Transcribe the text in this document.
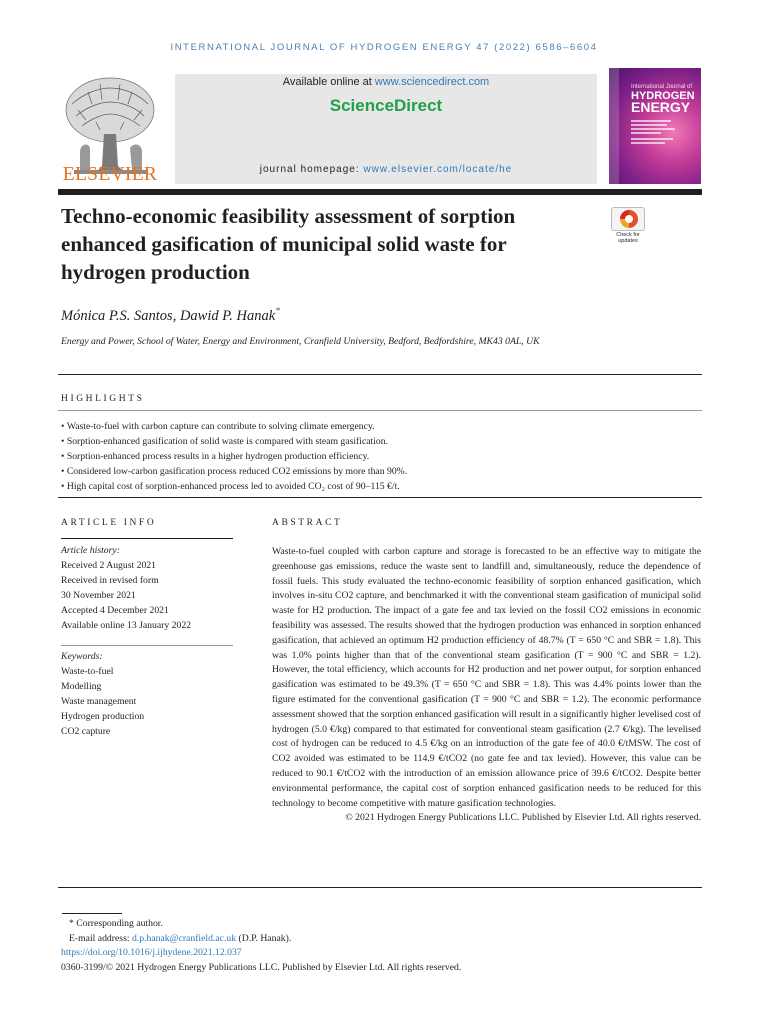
INTERNATIONAL JOURNAL OF HYDROGEN ENERGY 47 (2022) 6586–6604
ELSEVIER
Available online at www.sciencedirect.com
ScienceDirect
journal homepage: www.elsevier.com/locate/he
International Journal of
HYDROGEN
ENERGY
Techno-economic feasibility assessment of sorption enhanced gasification of municipal solid waste for hydrogen production
Check for
updates
Mónica P.S. Santos, Dawid P. Hanak*
Energy and Power, School of Water, Energy and Environment, Cranfield University, Bedford, Bedfordshire, MK43 0AL, UK
HIGHLIGHTS
• Waste-to-fuel with carbon capture can contribute to solving climate emergency.
• Sorption-enhanced gasification of solid waste is compared with steam gasification.
• Sorption-enhanced process results in a higher hydrogen production efficiency.
• Considered low-carbon gasification process reduced CO2 emissions by more than 90%.
• High capital cost of sorption-enhanced process led to avoided CO₂ cost of 90–115 €/t.
ARTICLE INFO
Article history:
Received 2 August 2021
Received in revised form
30 November 2021
Accepted 4 December 2021
Available online 13 January 2022
Keywords:
Waste-to-fuel
Modelling
Waste management
Hydrogen production
CO2 capture
ABSTRACT
Waste-to-fuel coupled with carbon capture and storage is forecasted to be an effective way to mitigate the greenhouse gas emissions, reduce the waste sent to landfill and, simultaneously, reduce the dependence of fossil fuels. This study evaluated the techno-economic feasibility of sorption enhanced gasification, which involves in-situ CO2 capture, and benchmarked it with the conventional steam gasification of municipal solid waste for H2 production. The impact of a gate fee and tax levied on the fossil CO2 emissions in economic feasibility was assessed. The results showed that the hydrogen production was enhanced in sorption enhanced gasification, that achieved an optimum H2 production efficiency of 48.7% (T = 650 °C and SBR = 1.8). This was 1.0% points higher than that of the conventional steam gasification (T = 900 °C and SBR = 1.2). However, the total efficiency, which accounts for H2 production and net power output, for sorption enhanced gasification was estimated to be 49.3% (T = 650 °C and SBR = 1.8). This was 4.4% points lower than the figure estimated for the conventional gasification (T = 900 °C and SBR = 1.2). The economic performance assessment showed that the sorption enhanced gasification will result in a significantly higher levelised cost of hydrogen (5.0 €/kg) compared to that estimated for conventional steam gasification (2.7 €/kg). The levelised cost of hydrogen can be reduced to 4.5 €/kg on an introduction of the gate fee of 40.0 €/tMSW. The cost of CO2 avoided was estimated to be 114.9 €/tCO2 (no gate fee and tax levied). However, this value can be reduced to 90.1 €/tCO2 with the introduction of an emission allowance price of 39.6 €/tCO2. Despite better environmental performance, the capital cost of sorption enhanced gasification needs to be reduced for this technology to become competitive with mature gasification technologies.
© 2021 Hydrogen Energy Publications LLC. Published by Elsevier Ltd. All rights reserved.
* Corresponding author.
E-mail address: d.p.hanak@cranfield.ac.uk (D.P. Hanak).
https://doi.org/10.1016/j.ijhydene.2021.12.037
0360-3199/© 2021 Hydrogen Energy Publications LLC. Published by Elsevier Ltd. All rights reserved.
